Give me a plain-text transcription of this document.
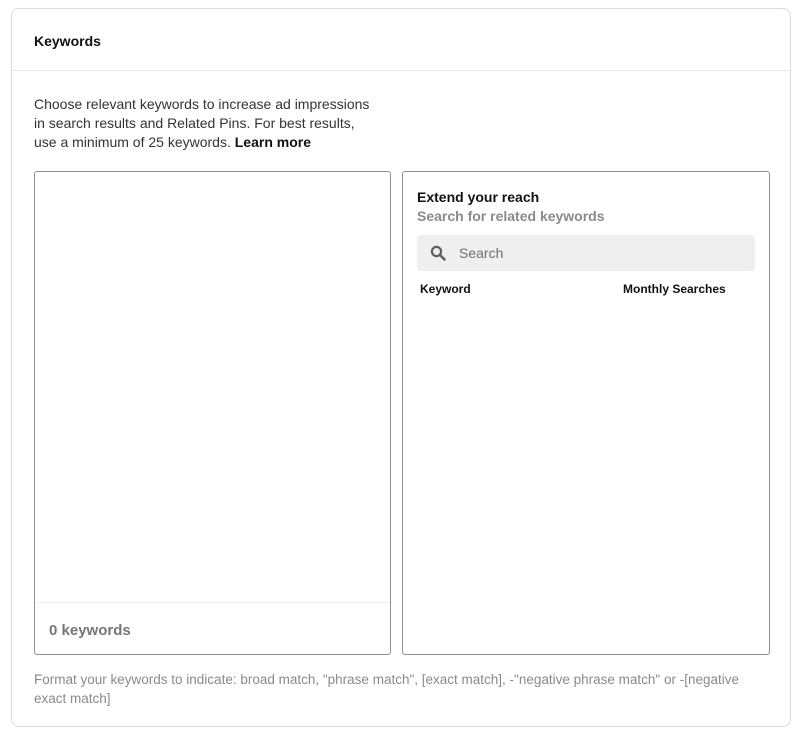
Keywords
Choose relevant keywords to increase ad impressions in search results and Related Pins. For best results, use a minimum of 25 keywords. Learn more
0 keywords
Extend your reach
Search for related keywords
Search
Keyword	Monthly Searches
Format your keywords to indicate: broad match, "phrase match", [exact match], -"negative phrase match" or -[negative exact match]
